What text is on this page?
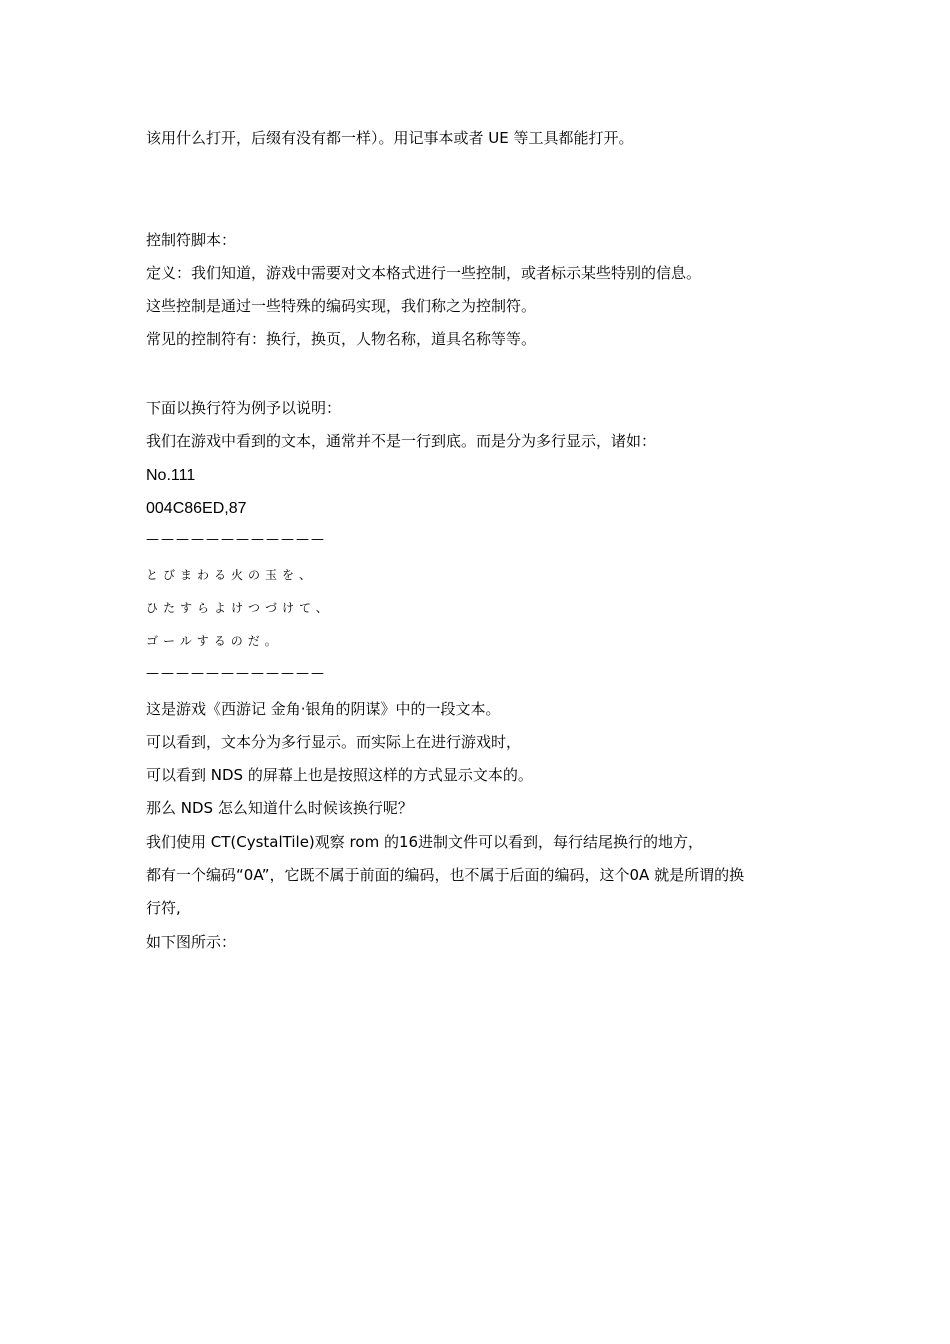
该用什么打开，后缀有没有都一样）。用记事本或者 UE 等工具都能打开。
控制符脚本：
定义：我们知道，游戏中需要对文本格式进行一些控制，或者标示某些特别的信息。
这些控制是通过一些特殊的编码实现，我们称之为控制符。
常见的控制符有：换行，换页，人物名称，道具名称等等。
下面以换行符为例予以说明：
我们在游戏中看到的文本，通常并不是一行到底。而是分为多行显示，诸如：
No.111
004C86ED,87
————————————
とびまわる火の玉を、
ひたすらよけつづけて、
ゴールするのだ。
————————————
这是游戏《西游记 金角·银角的阴谋》中的一段文本。
可以看到，文本分为多行显示。而实际上在进行游戏时，
可以看到 NDS 的屏幕上也是按照这样的方式显示文本的。
那么 NDS 怎么知道什么时候该换行呢？
我们使用 CT(CystalTile)观察 rom 的16进制文件可以看到，每行结尾换行的地方，
都有一个编码“0A”，它既不属于前面的编码，也不属于后面的编码，这个0A 就是所谓的换
行符,
如下图所示：
